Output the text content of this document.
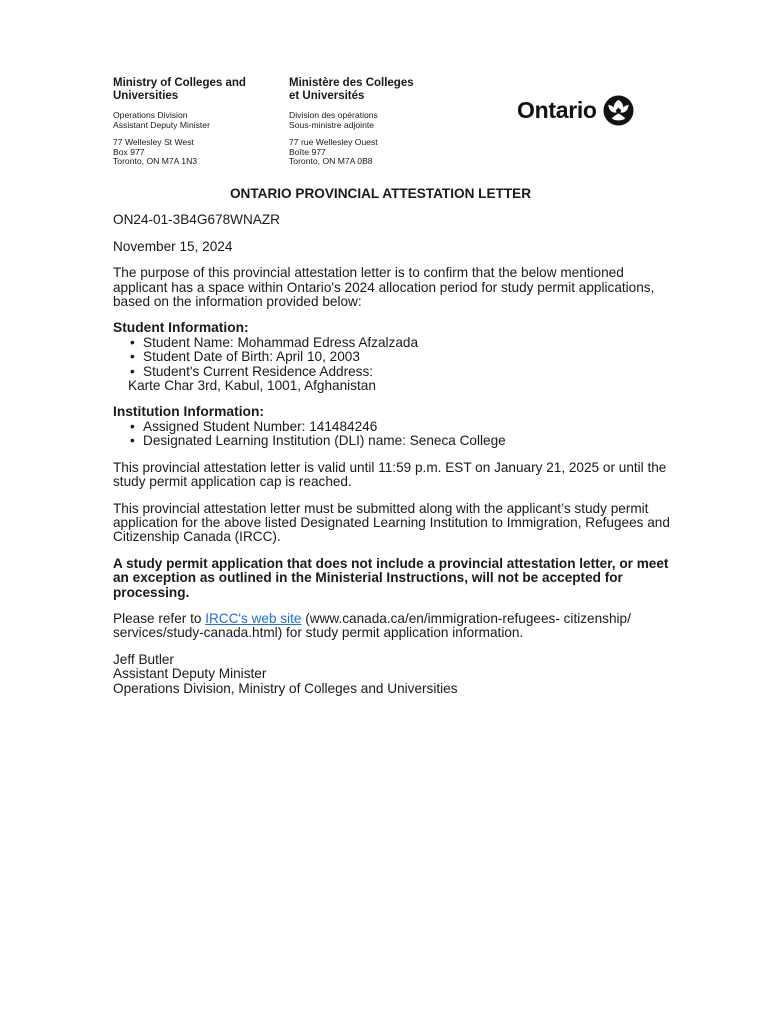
Ministry of Colleges and
Universities
Operations Division
Assistant Deputy Minister
77 Wellesley St West
Box 977
Toronto, ON M7A 1N3
Ministère des Colleges
et Universités
Division des opérations
Sous-ministre adjointe
77 rue Wellesley Ouest
Boîte 977
Toronto, ON M7A 0B8
Ontario
ONTARIO PROVINCIAL ATTESTATION LETTER

ON24-01-3B4G678WNAZR

November 15, 2024

The purpose of this provincial attestation letter is to confirm that the below mentioned applicant has a space within Ontario's 2024 allocation period for study permit applications, based on the information provided below:

Student Information:
• Student Name: Mohammad Edress Afzalzada
• Student Date of Birth: April 10, 2003
• Student's Current Residence Address:
Karte Char 3rd, Kabul, 1001, Afghanistan
Institution Information:
• Assigned Student Number: 141484246
• Designated Learning Institution (DLI) name: Seneca College

This provincial attestation letter is valid until 11:59 p.m. EST on January 21, 2025 or until the study permit application cap is reached.

This provincial attestation letter must be submitted along with the applicant’s study permit application for the above listed Designated Learning Institution to Immigration, Refugees and Citizenship Canada (IRCC).

A study permit application that does not include a provincial attestation letter, or meet an exception as outlined in the Ministerial Instructions, will not be accepted for processing.

Please refer to IRCC's web site (www.canada.ca/en/immigration-refugees- citizenship/ services/study-canada.html) for study permit application information.

Jeff Butler
Assistant Deputy Minister
Operations Division, Ministry of Colleges and Universities
